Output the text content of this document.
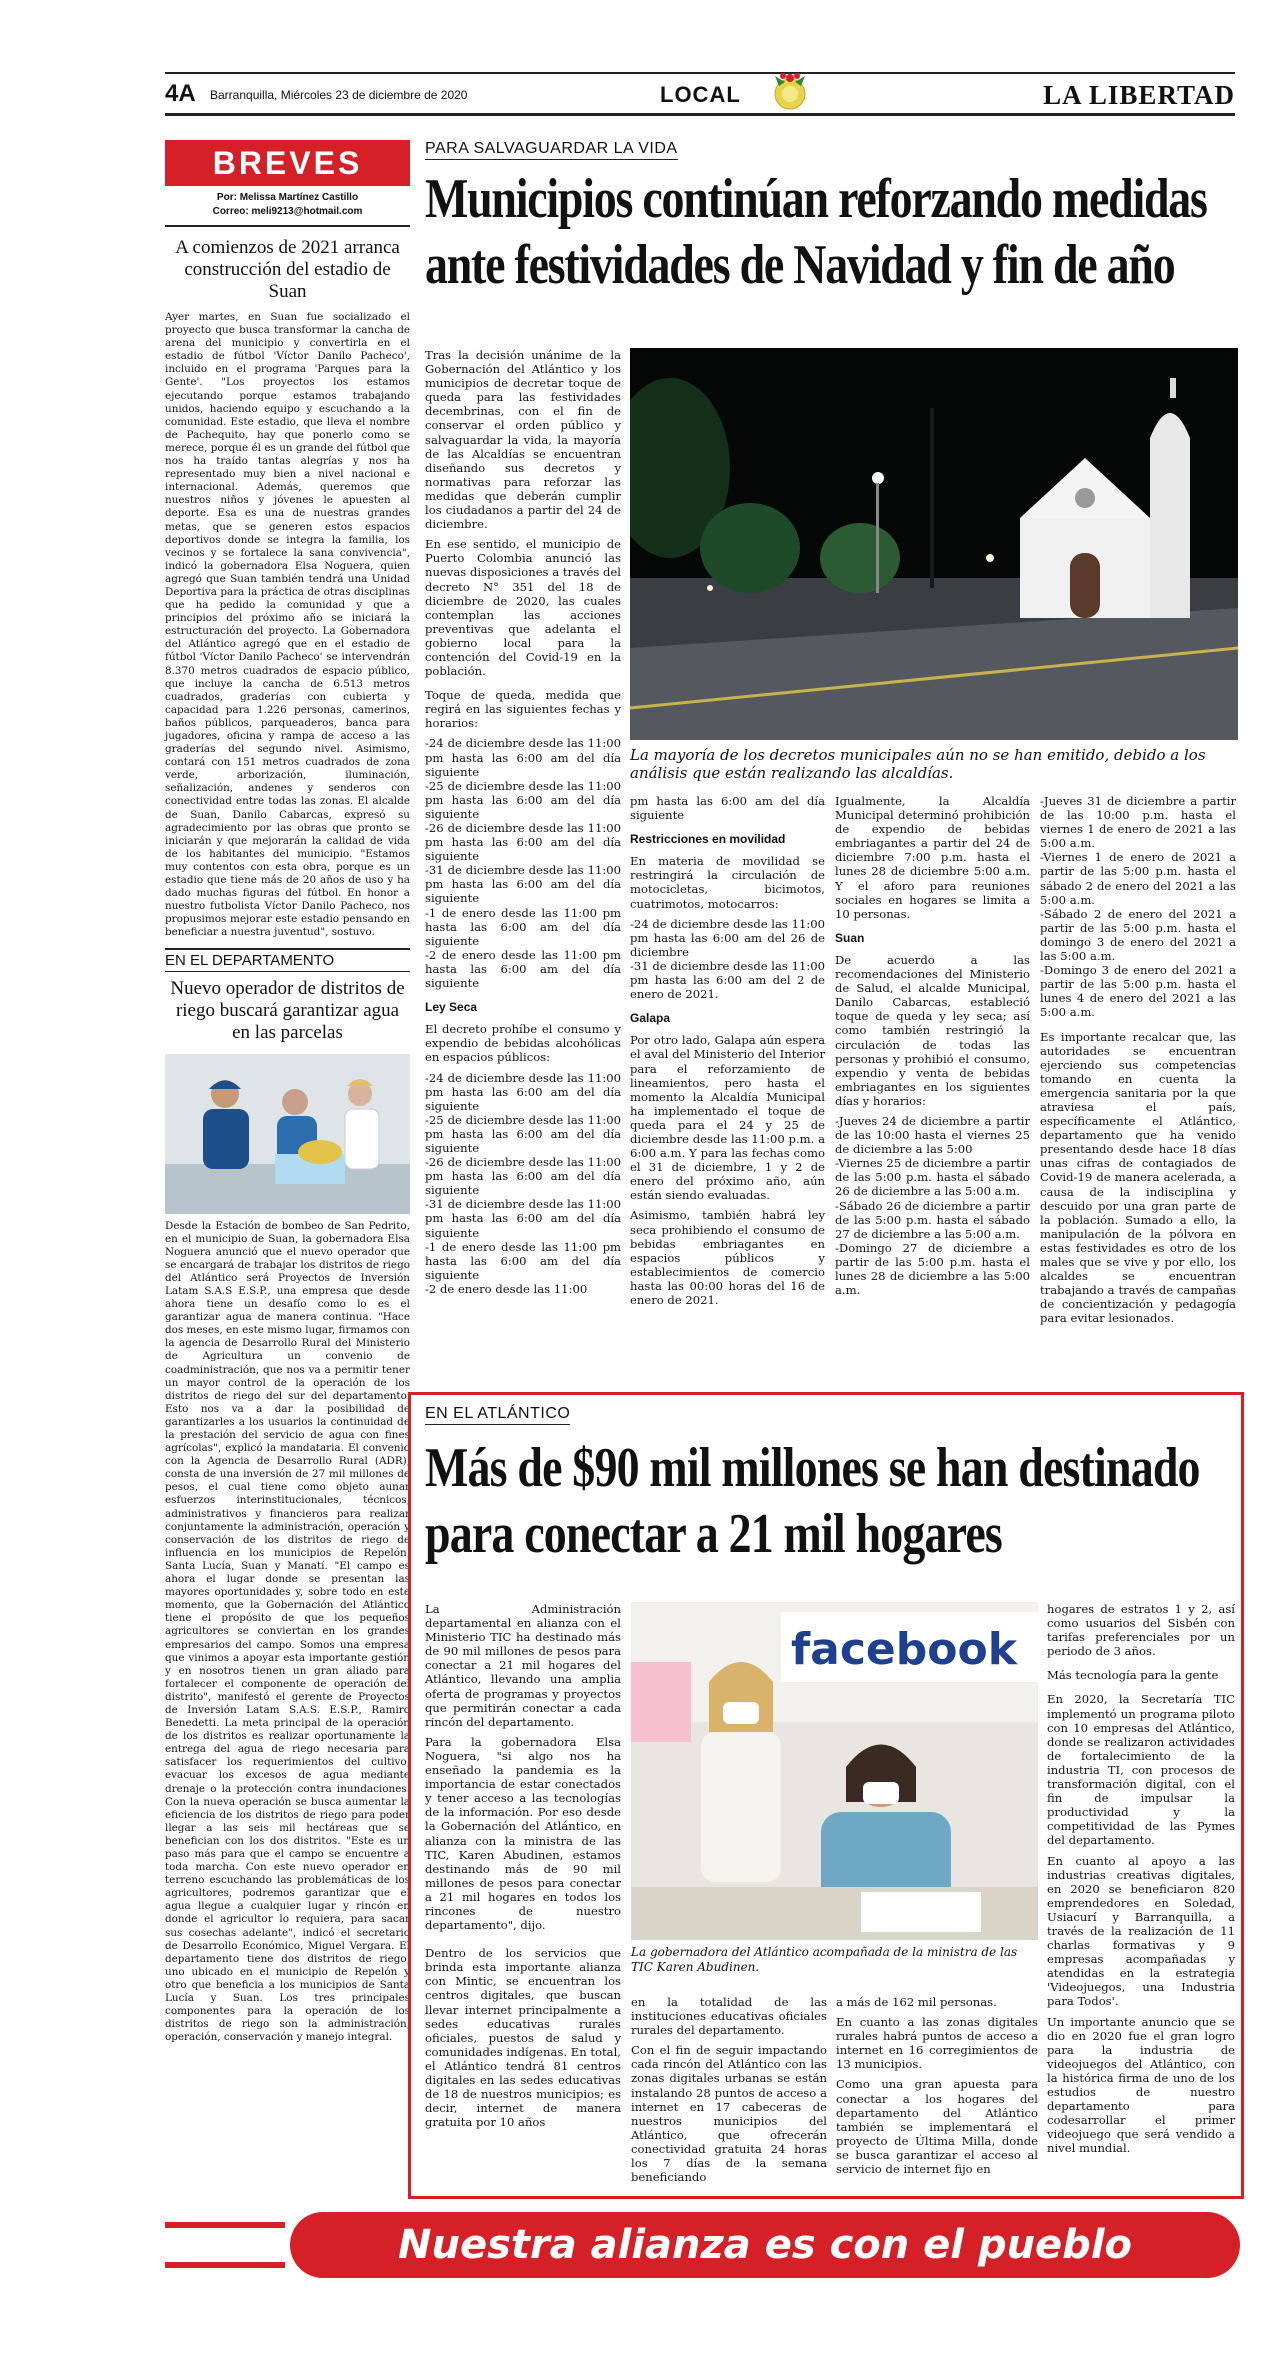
4A Barranquilla, Miércoles 23 de diciembre de 2020	LOCAL	LA LIBERTAD
BREVES
Por: Melissa Martínez Castillo
Correo: meli9213@hotmail.com
A comienzos de 2021 arranca construcción del estadio de Suan

Ayer martes, en Suan fue socializado el proyecto que busca transformar la cancha de arena del municipio y convertirla en el estadio de fútbol 'Víctor Danilo Pacheco', incluido en el programa 'Parques para la Gente'. "Los proyectos los estamos ejecutando porque estamos trabajando unidos, haciendo equipo y escuchando a la comunidad. Este estadio, que lleva el nombre de Pachequito, hay que ponerlo como se merece, porque él es un grande del fútbol que nos ha traído tantas alegrías y nos ha representado muy bien a nivel nacional e internacional. Además, queremos que nuestros niños y jóvenes le apuesten al deporte. Esa es una de nuestras grandes metas, que se generen estos espacios deportivos donde se integra la familia, los vecinos y se fortalece la sana convivencia", indicó la gobernadora Elsa Noguera, quien agregó que Suan también tendrá una Unidad Deportiva para la práctica de otras disciplinas que ha pedido la comunidad y que a principios del próximo año se iniciará la estructuración del proyecto. La Gobernadora del Atlántico agregó que en el estadio de fútbol 'Víctor Danilo Pacheco' se intervendrán 8.370 metros cuadrados de espacio público, que incluye la cancha de 6.513 metros cuadrados, graderías con cubierta y capacidad para 1.226 personas, camerinos, baños públicos, parqueaderos, banca para jugadores, oficina y rampa de acceso a las graderías del segundo nivel. Asimismo, contará con 151 metros cuadrados de zona verde, arborización, iluminación, señalización, andenes y senderos con conectividad entre todas las zonas. El alcalde de Suan, Danilo Cabarcas, expresó su agradecimiento por las obras que pronto se iniciarán y que mejorarán la calidad de vida de los habitantes del municipio. "Estamos muy contentos con esta obra, porque es un estadio que tiene más de 20 años de uso y ha dado muchas figuras del fútbol. En honor a nuestro futbolista Víctor Danilo Pacheco, nos propusimos mejorar este estadio pensando en beneficiar a nuestra juventud", sostuvo.

EN EL DEPARTAMENTO
Nuevo operador de distritos de riego buscará garantizar agua en las parcelas

Desde la Estación de bombeo de San Pedrito, en el municipio de Suan, la gobernadora Elsa Noguera anunció que el nuevo operador que se encargará de trabajar los distritos de riego del Atlántico será Proyectos de Inversión Latam S.A.S E.S.P., una empresa que desde ahora tiene un desafío como lo es el garantizar agua de manera continua. "Hace dos meses, en este mismo lugar, firmamos con la agencia de Desarrollo Rural del Ministerio de Agricultura un convenio de coadministración, que nos va a permitir tener un mayor control de la operación de los distritos de riego del sur del departamento. Esto nos va a dar la posibilidad de garantizarles a los usuarios la continuidad de la prestación del servicio de agua con fines agrícolas", explicó la mandataria. El convenio con la Agencia de Desarrollo Rural (ADR), consta de una inversión de 27 mil millones de pesos, el cual tiene como objeto aunar esfuerzos interinstitucionales, técnicos, administrativos y financieros para realizar conjuntamente la administración, operación y conservación de los distritos de riego de influencia en los municipios de Repelón, Santa Lucía, Suan y Manatí. "El campo es ahora el lugar donde se presentan las mayores oportunidades y, sobre todo en este momento, que la Gobernación del Atlántico tiene el propósito de que los pequeños agricultores se conviertan en los grandes empresarios del campo. Somos una empresa que vinimos a apoyar esta importante gestión y en nosotros tienen un gran aliado para fortalecer el componente de operación del distrito", manifestó el gerente de Proyectos de Inversión Latam S.A.S. E.S.P., Ramiro Benedetti. La meta principal de la operación de los distritos es realizar oportunamente la entrega del agua de riego necesaria para satisfacer los requerimientos del cultivo, evacuar los excesos de agua mediante drenaje o la protección contra inundaciones. Con la nueva operación se busca aumentar la eficiencia de los distritos de riego para poder llegar a las seis mil hectáreas que se benefician con los dos distritos. "Este es un paso más para que el campo se encuentre a toda marcha. Con este nuevo operador en terreno escuchando las problemáticas de los agricultores, podremos garantizar que el agua llegue a cualquier lugar y rincón en donde el agricultor lo requiera, para sacar sus cosechas adelante", indicó el secretario de Desarrollo Económico, Miguel Vergara. El departamento tiene dos distritos de riego, uno ubicado en el municipio de Repelón y otro que beneficia a los municipios de Santa Lucía y Suan. Los tres principales componentes para la operación de los distritos de riego son la administración, operación, conservación y manejo integral.

PARA SALVAGUARDAR LA VIDA
Municipios continúan reforzando medidas
ante festividades de Navidad y fin de año

Tras la decisión unánime de la Gobernación del Atlántico y los municipios de decretar toque de queda para las festividades decembrinas, con el fin de conservar el orden público y salvaguardar la vida, la mayoría de las Alcaldías se encuentran diseñando sus decretos y normativas para reforzar las medidas que deberán cumplir los ciudadanos a partir del 24 de diciembre.

En ese sentido, el municipio de Puerto Colombia anunció las nuevas disposiciones a través del decreto N° 351 del 18 de diciembre de 2020, las cuales contemplan las acciones preventivas que adelanta el gobierno local para la contención del Covid-19 en la población.

Toque de queda, medida que regirá en las siguientes fechas y horarios:

-24 de diciembre desde las 11:00 pm hasta las 6:00 am del día siguiente
-25 de diciembre desde las 11:00 pm hasta las 6:00 am del día siguiente
-26 de diciembre desde las 11:00 pm hasta las 6:00 am del día siguiente
-31 de diciembre desde las 11:00 pm hasta las 6:00 am del día siguiente
-1 de enero desde las 11:00 pm hasta las 6:00 am del día siguiente
-2 de enero desde las 11:00 pm hasta las 6:00 am del día siguiente

Ley Seca

El decreto prohíbe el consumo y expendio de bebidas alcohólicas en espacios públicos:

-24 de diciembre desde las 11:00 pm hasta las 6:00 am del día siguiente
-25 de diciembre desde las 11:00 pm hasta las 6:00 am del día siguiente
-26 de diciembre desde las 11:00 pm hasta las 6:00 am del día siguiente
-31 de diciembre desde las 11:00 pm hasta las 6:00 am del día siguiente
-1 de enero desde las 11:00 pm hasta las 6:00 am del día siguiente
-2 de enero desde las 11:00

La mayoría de los decretos municipales aún no se han emitido, debido a los análisis que están realizando las alcaldías.

pm hasta las 6:00 am del día siguiente

Restricciones en movilidad

En materia de movilidad se restringirá la circulación de motocicletas, bicimotos, cuatrimotos, motocarros:

-24 de diciembre desde las 11:00 pm hasta las 6:00 am del 26 de diciembre
-31 de diciembre desde las 11:00 pm hasta las 6:00 am del 2 de enero de 2021.

Galapa

Por otro lado, Galapa aún espera el aval del Ministerio del Interior para el reforzamiento de lineamientos, pero hasta el momento la Alcaldía Municipal ha implementado el toque de queda para el 24 y 25 de diciembre desde las 11:00 p.m. a 6:00 a.m. Y para las fechas como el 31 de diciembre, 1 y 2 de enero del próximo año, aún están siendo evaluadas.

Asimismo, también habrá ley seca prohibiendo el consumo de bebidas embriagantes en espacios públicos y establecimientos de comercio hasta las 00:00 horas del 16 de enero de 2021.

Igualmente, la Alcaldía Municipal determinó prohibición de expendio de bebidas embriagantes a partir del 24 de diciembre 7:00 p.m. hasta el lunes 28 de diciembre 5:00 a.m. Y el aforo para reuniones sociales en hogares se limita a 10 personas.

Suan

De acuerdo a las recomendaciones del Ministerio de Salud, el alcalde Municipal, Danilo Cabarcas, estableció toque de queda y ley seca; así como también restringió la circulación de todas las personas y prohibió el consumo, expendio y venta de bebidas embriagantes en los siguientes días y horarios:

-Jueves 24 de diciembre a partir de las 10:00 hasta el viernes 25 de diciembre a las 5:00
-Viernes 25 de diciembre a partir de las 5:00 p.m. hasta el sábado 26 de diciembre a las 5:00 a.m.
-Sábado 26 de diciembre a partir de las 5:00 p.m. hasta el sábado 27 de diciembre a las 5:00 a.m.
-Domingo 27 de diciembre a partir de las 5:00 p.m. hasta el lunes 28 de diciembre a las 5:00 a.m.

-Jueves 31 de diciembre a partir de las 10:00 p.m. hasta el viernes 1 de enero de 2021 a las 5:00 a.m.
-Viernes 1 de enero de 2021 a partir de las 5:00 p.m. hasta el sábado 2 de enero del 2021 a las 5:00 a.m.
-Sábado 2 de enero del 2021 a partir de las 5:00 p.m. hasta el domingo 3 de enero del 2021 a las 5:00 a.m.
-Domingo 3 de enero del 2021 a partir de las 5:00 p.m. hasta el lunes 4 de enero del 2021 a las 5:00 a.m.

Es importante recalcar que, las autoridades se encuentran ejerciendo sus competencias tomando en cuenta la emergencia sanitaria por la que atraviesa el país, específicamente el Atlántico, departamento que ha venido presentando desde hace 18 días unas cifras de contagiados de Covid-19 de manera acelerada, a causa de la indisciplina y descuido por una gran parte de la población. Sumado a ello, la manipulación de la pólvora en estas festividades es otro de los males que se vive y por ello, los alcaldes se encuentran trabajando a través de campañas de concientización y pedagogía para evitar lesionados.

EN EL ATLÁNTICO
Más de $90 mil millones se han destinado
para conectar a 21 mil hogares

La Administración departamental en alianza con el Ministerio TIC ha destinado más de 90 mil millones de pesos para conectar a 21 mil hogares del Atlántico, llevando una amplia oferta de programas y proyectos que permitirán conectar a cada rincón del departamento.

Para la gobernadora Elsa Noguera, "si algo nos ha enseñado la pandemia es la importancia de estar conectados y tener acceso a las tecnologías de la información. Por eso desde la Gobernación del Atlántico, en alianza con la ministra de las TIC, Karen Abudinen, estamos destinando más de 90 mil millones de pesos para conectar a 21 mil hogares en todos los rincones de nuestro departamento", dijo.

Dentro de los servicios que brinda esta importante alianza con Mintic, se encuentran los centros digitales, que buscan llevar internet principalmente a sedes educativas rurales oficiales, puestos de salud y comunidades indígenas. En total, el Atlántico tendrá 81 centros digitales en las sedes educativas de 18 de nuestros municipios; es decir, internet de manera gratuita por 10 años

facebook
La gobernadora del Atlántico acompañada de la ministra de las TIC Karen Abudinen.

en la totalidad de las instituciones educativas oficiales rurales del departamento.

Con el fin de seguir impactando cada rincón del Atlántico con las zonas digitales urbanas se están instalando 28 puntos de acceso a internet en 17 cabeceras de nuestros municipios del Atlántico, que ofrecerán conectividad gratuita 24 horas los 7 días de la semana beneficiando

a más de 162 mil personas.

En cuanto a las zonas digitales rurales habrá puntos de acceso a internet en 16 corregimientos de 13 municipios.

Como una gran apuesta para conectar a los hogares del departamento del Atlántico también se implementará el proyecto de Última Milla, donde se busca garantizar el acceso al servicio de internet fijo en

hogares de estratos 1 y 2, así como usuarios del Sisbén con tarifas preferenciales por un periodo de 3 años.

Más tecnología para la gente

En 2020, la Secretaría TIC implementó un programa piloto con 10 empresas del Atlántico, donde se realizaron actividades de fortalecimiento de la industria TI, con procesos de transformación digital, con el fin de impulsar la productividad y la competitividad de las Pymes del departamento.

En cuanto al apoyo a las industrias creativas digitales, en 2020 se beneficiaron 820 emprendedores en Soledad, Usiacurí y Barranquilla, a través de la realización de 11 charlas formativas y 9 empresas acompañadas y atendidas en la estrategia 'Videojuegos, una Industria para Todos'.

Un importante anuncio que se dio en 2020 fue el gran logro para la industria de videojuegos del Atlántico, con la histórica firma de uno de los estudios de nuestro departamento para codesarrollar el primer videojuego que será vendido a nivel mundial.

Nuestra alianza es con el pueblo
